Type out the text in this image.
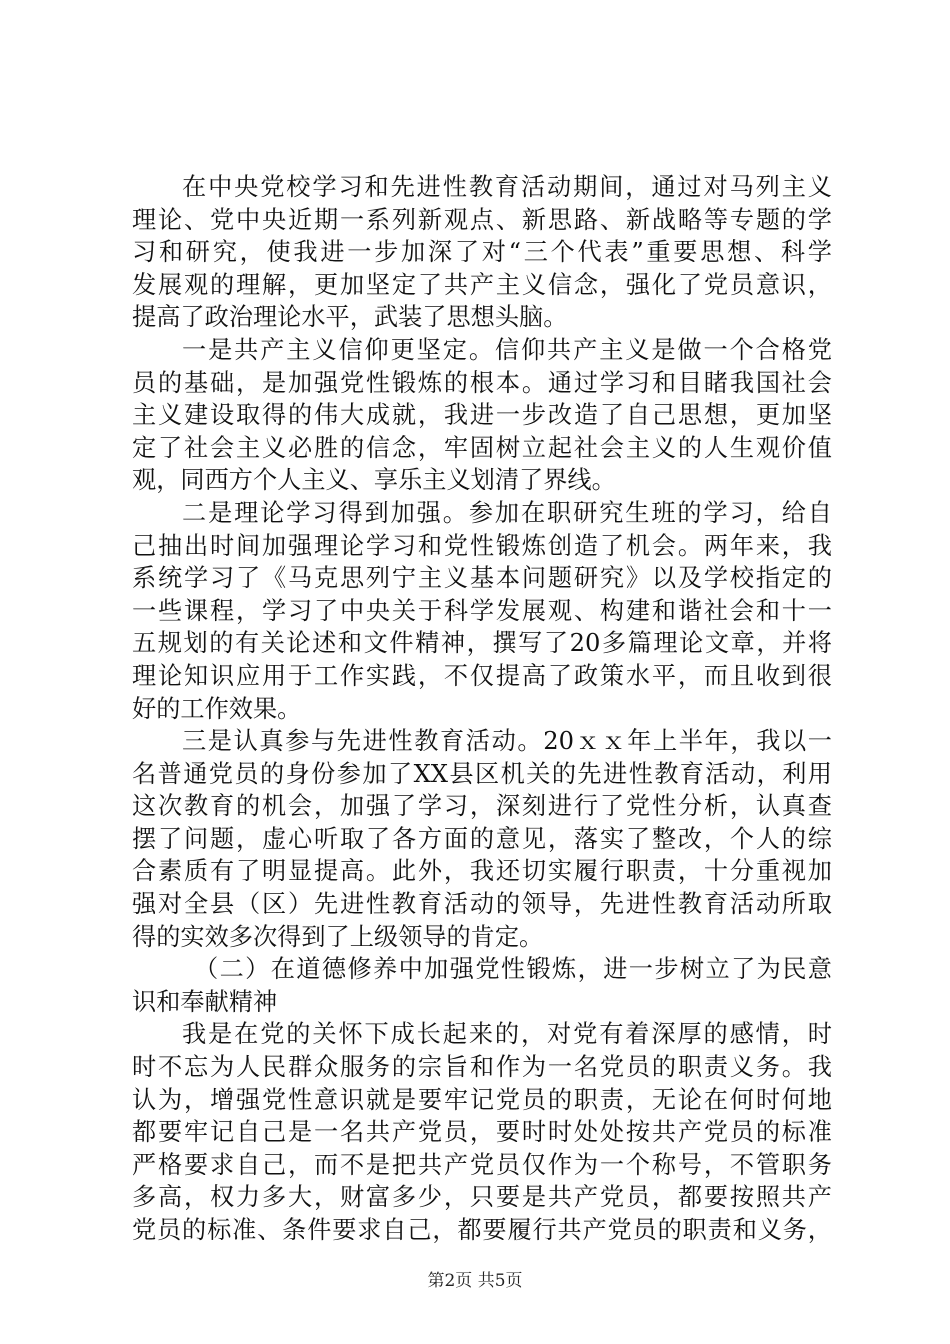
在中央党校学习和先进性教育活动期间，通过对马列主义
理论、党中央近期一系列新观点、新思路、新战略等专题的学
习和研究，使我进一步加深了对“三个代表”重要思想、科学
发展观的理解，更加坚定了共产主义信念，强化了党员意识，
提高了政治理论水平，武装了思想头脑。
一是共产主义信仰更坚定。信仰共产主义是做一个合格党
员的基础，是加强党性锻炼的根本。通过学习和目睹我国社会
主义建设取得的伟大成就，我进一步改造了自己思想，更加坚
定了社会主义必胜的信念，牢固树立起社会主义的人生观价值
观，同西方个人主义、享乐主义划清了界线。
二是理论学习得到加强。参加在职研究生班的学习，给自
己抽出时间加强理论学习和党性锻炼创造了机会。两年来，我
系统学习了《马克思列宁主义基本问题研究》以及学校指定的
一些课程，学习了中央关于科学发展观、构建和谐社会和十一
五规划的有关论述和文件精神，撰写了20多篇理论文章，并将
理论知识应用于工作实践，不仅提高了政策水平，而且收到很
好的工作效果。
三是认真参与先进性教育活动。20ｘｘ年上半年，我以一
名普通党员的身份参加了XX县区机关的先进性教育活动，利用
这次教育的机会，加强了学习，深刻进行了党性分析，认真查
摆了问题，虚心听取了各方面的意见，落实了整改，个人的综
合素质有了明显提高。此外，我还切实履行职责，十分重视加
强对全县（区）先进性教育活动的领导，先进性教育活动所取
得的实效多次得到了上级领导的肯定。
（二）在道德修养中加强党性锻炼，进一步树立了为民意
识和奉献精神
我是在党的关怀下成长起来的，对党有着深厚的感情，时
时不忘为人民群众服务的宗旨和作为一名党员的职责义务。我
认为，增强党性意识就是要牢记党员的职责，无论在何时何地
都要牢记自己是一名共产党员，要时时处处按共产党员的标准
严格要求自己，而不是把共产党员仅作为一个称号，不管职务
多高，权力多大，财富多少，只要是共产党员，都要按照共产
党员的标准、条件要求自己，都要履行共产党员的职责和义务，
第2页 共5页
